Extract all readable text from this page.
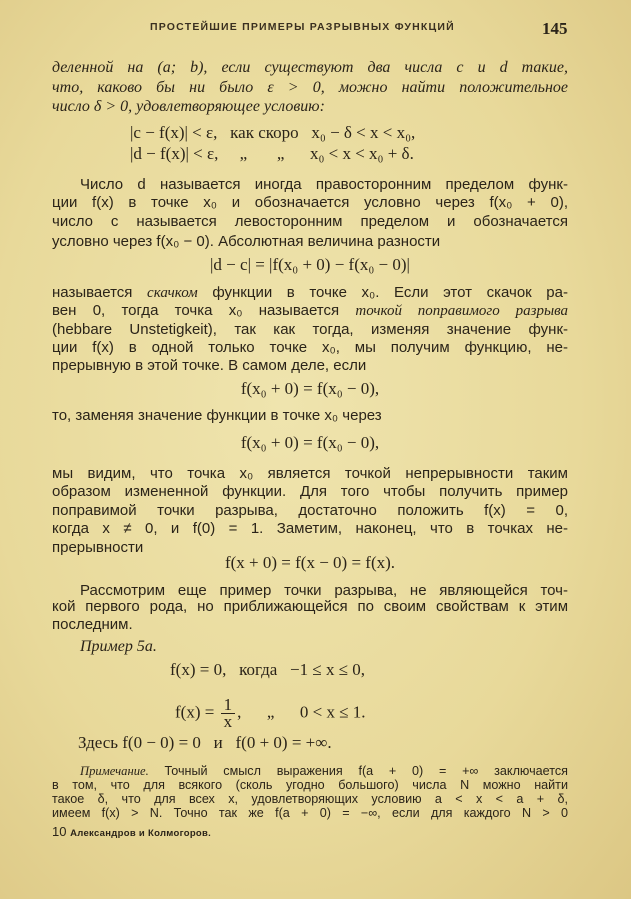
ПРОСТЕЙШИЕ ПРИМЕРЫ РАЗРЫВНЫХ ФУНКЦИЙ	145
деленной на (a; b), если существуют два числа c и d такие,
что, каково бы ни было ε > 0, можно найти положительное
число δ > 0, удовлетворяющее условию:
|c − f(x)| < ε,   как скоро   x₀ − δ < x < x₀,
|d − f(x)| < ε,     „       „      x₀ < x < x₀ + δ.
Число d называется иногда правосторонним пределом функ-
ции f(x) в точке x₀ и обозначается условно через f(x₀ + 0),
число c называется левосторонним пределом и обозначается
условно через f(x₀ − 0). Абсолютная величина разности
|d − c| = |f(x₀ + 0) − f(x₀ − 0)|
называется скачком функции в точке x₀. Если этот скачок ра-
вен 0, тогда точка x₀ называется точкой поправимого разрыва
(hebbare Unstetigkeit), так как тогда, изменяя значение функ-
ции f(x) в одной только точке x₀, мы получим функцию, не-
прерывную в этой точке. В самом деле, если
f(x₀ + 0) = f(x₀ − 0),
то, заменяя значение функции в точке x₀ через
f(x₀ + 0) = f(x₀ − 0),
мы видим, что точка x₀ является точкой непрерывности таким
образом измененной функции. Для того чтобы получить пример
поправимой точки разрыва, достаточно положить f(x) = 0,
когда x ≠ 0, и f(0) = 1. Заметим, наконец, что в точках не-
прерывности
f(x + 0) = f(x − 0) = f(x).
Рассмотрим еще пример точки разрыва, не являющейся точ-
кой первого рода, но приближающейся по своим свойствам к этим
последним.
Пример 5a.
f(x) = 0,   когда   −1 ≤ x ≤ 0,
$f(x) = \frac{1}{x}$ ,      „      0 < x ≤ 1.
Здесь f(0 − 0) = 0   и   f(0 + 0) = +∞.
Примечание. Точный смысл выражения f(a + 0) = +∞ заключается
в том, что для всякого (сколь угодно большого) числа N можно найти
такое δ, что для всех x, удовлетворяющих условию a < x < a + δ,
имеем f(x) > N. Точно так же f(a + 0) = −∞, если для каждого N > 0
10 Александров и Колмогоров.
